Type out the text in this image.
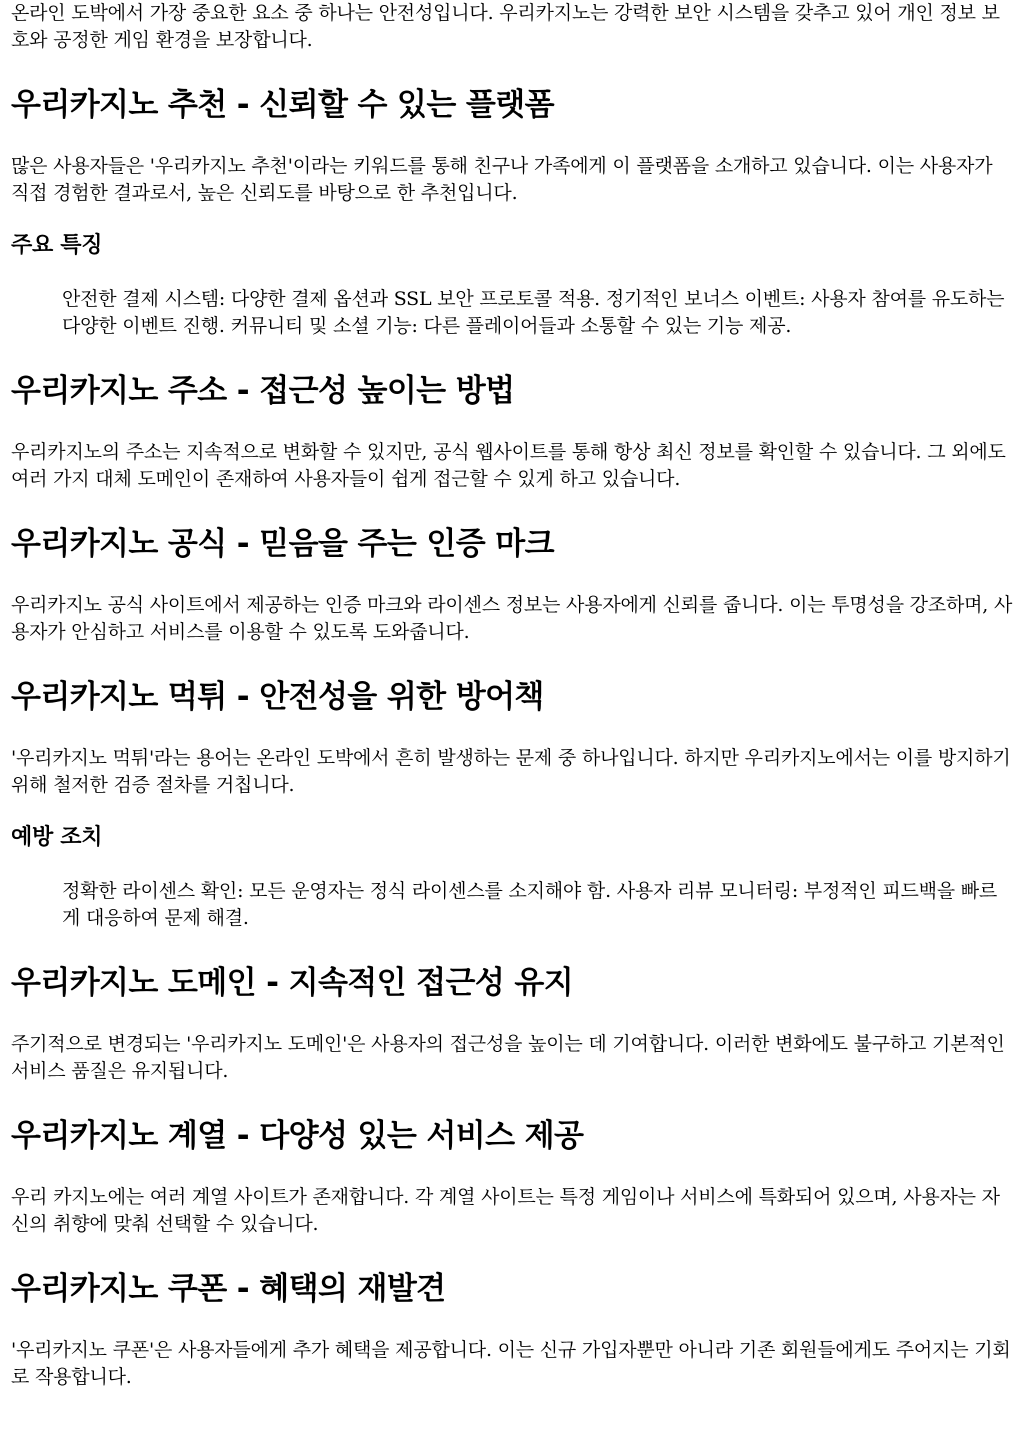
온라인 도박에서 가장 중요한 요소 중 하나는 안전성입니다. 우리카지노는 강력한 보안 시스템을 갖추고 있어 개인 정보 보호와 공정한 게임 환경을 보장합니다.

우리카지노 추천 - 신뢰할 수 있는 플랫폼

많은 사용자들은 '우리카지노 추천'이라는 키워드를 통해 친구나 가족에게 이 플랫폼을 소개하고 있습니다. 이는 사용자가 직접 경험한 결과로서, 높은 신뢰도를 바탕으로 한 추천입니다.

주요 특징
안전한 결제 시스템: 다양한 결제 옵션과 SSL 보안 프로토콜 적용. 정기적인 보너스 이벤트: 사용자 참여를 유도하는 다양한 이벤트 진행. 커뮤니티 및 소셜 기능: 다른 플레이어들과 소통할 수 있는 기능 제공.
우리카지노 주소 - 접근성 높이는 방법

우리카지노의 주소는 지속적으로 변화할 수 있지만, 공식 웹사이트를 통해 항상 최신 정보를 확인할 수 있습니다. 그 외에도 여러 가지 대체 도메인이 존재하여 사용자들이 쉽게 접근할 수 있게 하고 있습니다.

우리카지노 공식 - 믿음을 주는 인증 마크

우리카지노 공식 사이트에서 제공하는 인증 마크와 라이센스 정보는 사용자에게 신뢰를 줍니다. 이는 투명성을 강조하며, 사용자가 안심하고 서비스를 이용할 수 있도록 도와줍니다.

우리카지노 먹튀 - 안전성을 위한 방어책

'우리카지노 먹튀'라는 용어는 온라인 도박에서 흔히 발생하는 문제 중 하나입니다. 하지만 우리카지노에서는 이를 방지하기 위해 철저한 검증 절차를 거칩니다.

예방 조치
정확한 라이센스 확인: 모든 운영자는 정식 라이센스를 소지해야 함. 사용자 리뷰 모니터링: 부정적인 피드백을 빠르게 대응하여 문제 해결.
우리카지노 도메인 - 지속적인 접근성 유지

주기적으로 변경되는 '우리카지노 도메인'은 사용자의 접근성을 높이는 데 기여합니다. 이러한 변화에도 불구하고 기본적인 서비스 품질은 유지됩니다.

우리카지노 계열 - 다양성 있는 서비스 제공

우리 카지노에는 여러 계열 사이트가 존재합니다. 각 계열 사이트는 특정 게임이나 서비스에 특화되어 있으며, 사용자는 자신의 취향에 맞춰 선택할 수 있습니다.

우리카지노 쿠폰 - 혜택의 재발견

'우리카지노 쿠폰'은 사용자들에게 추가 혜택을 제공합니다. 이는 신규 가입자뿐만 아니라 기존 회원들에게도 주어지는 기회로 작용합니다.
